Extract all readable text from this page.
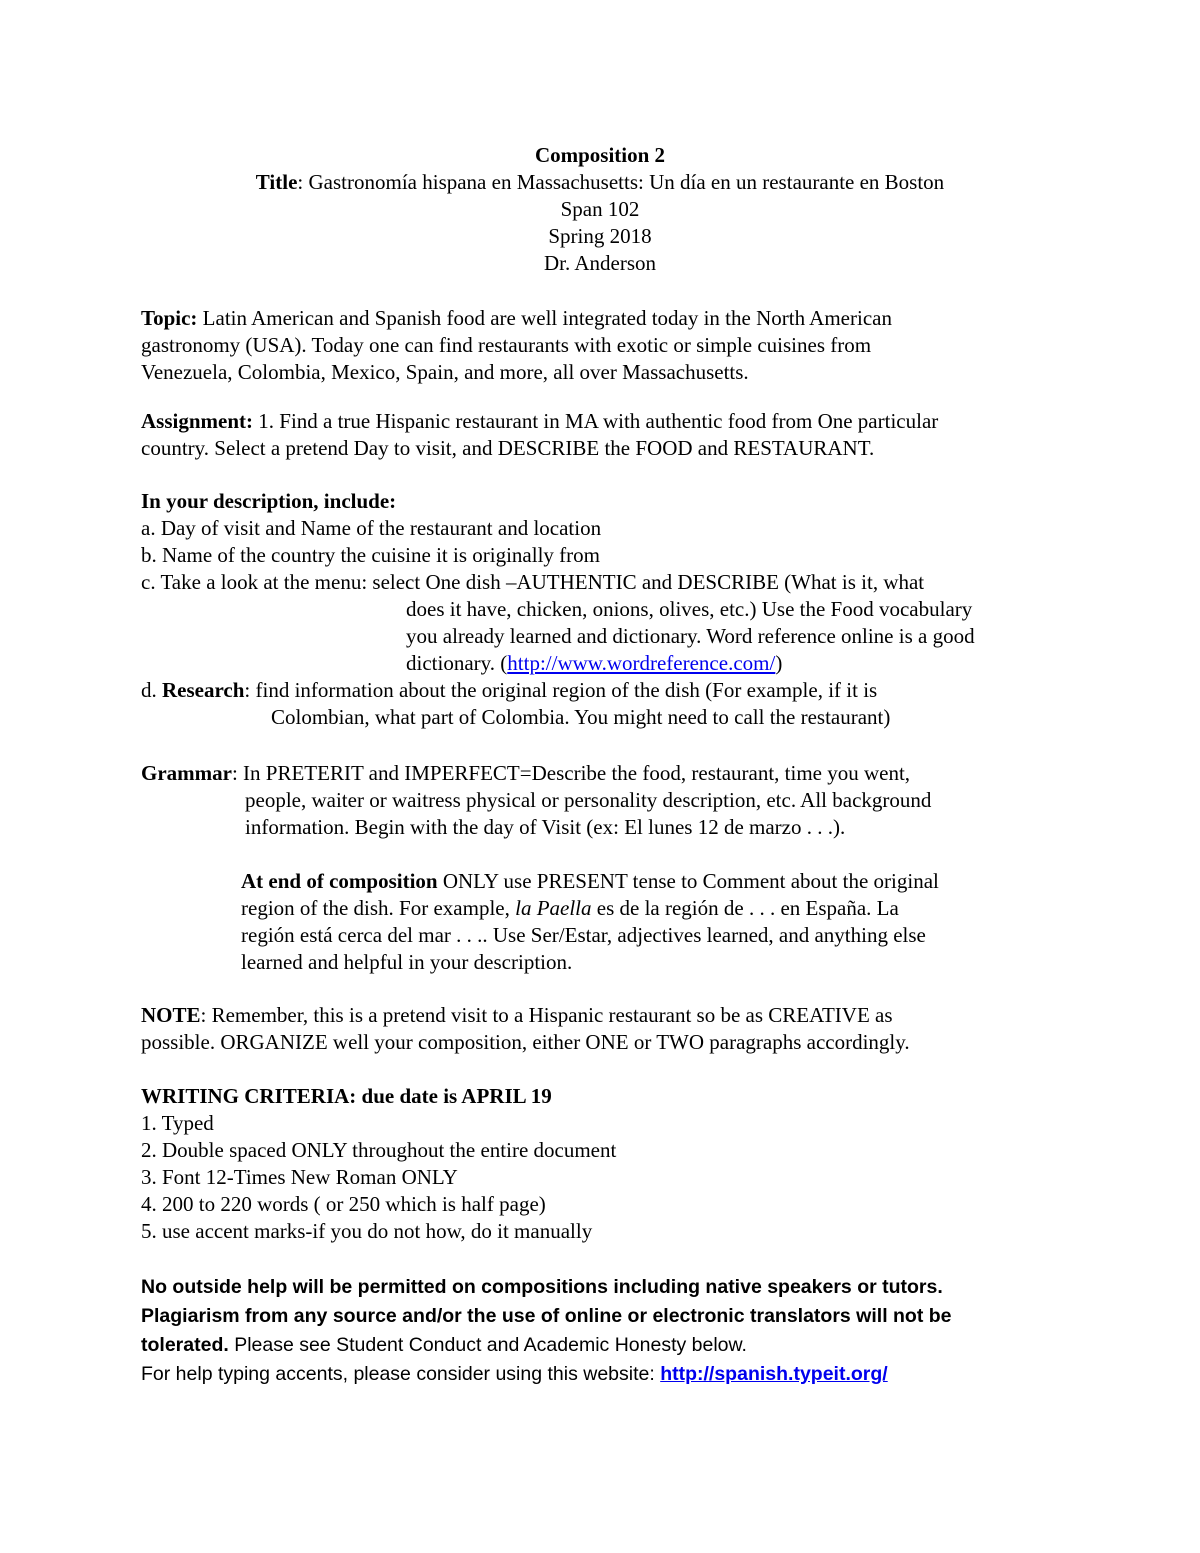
Composition 2
Title: Gastronomía hispana en Massachusetts: Un día en un restaurante en Boston
Span 102
Spring 2018
Dr. Anderson
Topic: Latin American and Spanish food are well integrated today in the North American
gastronomy (USA). Today one can find restaurants with exotic or simple cuisines from
Venezuela, Colombia, Mexico, Spain, and more, all over Massachusetts.
Assignment: 1. Find a true Hispanic restaurant in MA with authentic food from One particular
country. Select a pretend Day to visit, and DESCRIBE the FOOD and RESTAURANT.
In your description, include:
a. Day of visit and Name of the restaurant and location
b. Name of the country the cuisine it is originally from
c. Take a look at the menu: select One dish –AUTHENTIC and DESCRIBE (What is it, what
does it have, chicken, onions, olives, etc.) Use the Food vocabulary
you already learned and dictionary. Word reference online is a good
dictionary. (http://www.wordreference.com/)
d. Research: find information about the original region of the dish (For example, if it is
Colombian, what part of Colombia. You might need to call the restaurant)
Grammar: In PRETERIT and IMPERFECT=Describe the food, restaurant, time you went,
people, waiter or waitress physical or personality description, etc. All background
information. Begin with the day of Visit (ex: El lunes 12 de marzo . . .).
At end of composition ONLY use PRESENT tense to Comment about the original
region of the dish. For example, la Paella es de la región de . . . en España. La
región está cerca del mar . . .. Use Ser/Estar, adjectives learned, and anything else
learned and helpful in your description.
NOTE: Remember, this is a pretend visit to a Hispanic restaurant so be as CREATIVE as
possible. ORGANIZE well your composition, either ONE or TWO paragraphs accordingly.
WRITING CRITERIA: due date is APRIL 19
1. Typed
2. Double spaced ONLY throughout the entire document
3. Font 12-Times New Roman ONLY
4. 200 to 220 words ( or 250 which is half page)
5. use accent marks-if you do not how, do it manually
No outside help will be permitted on compositions including native speakers or tutors.
Plagiarism from any source and/or the use of online or electronic translators will not be
tolerated. Please see Student Conduct and Academic Honesty below.
For help typing accents, please consider using this website: http://spanish.typeit.org/
